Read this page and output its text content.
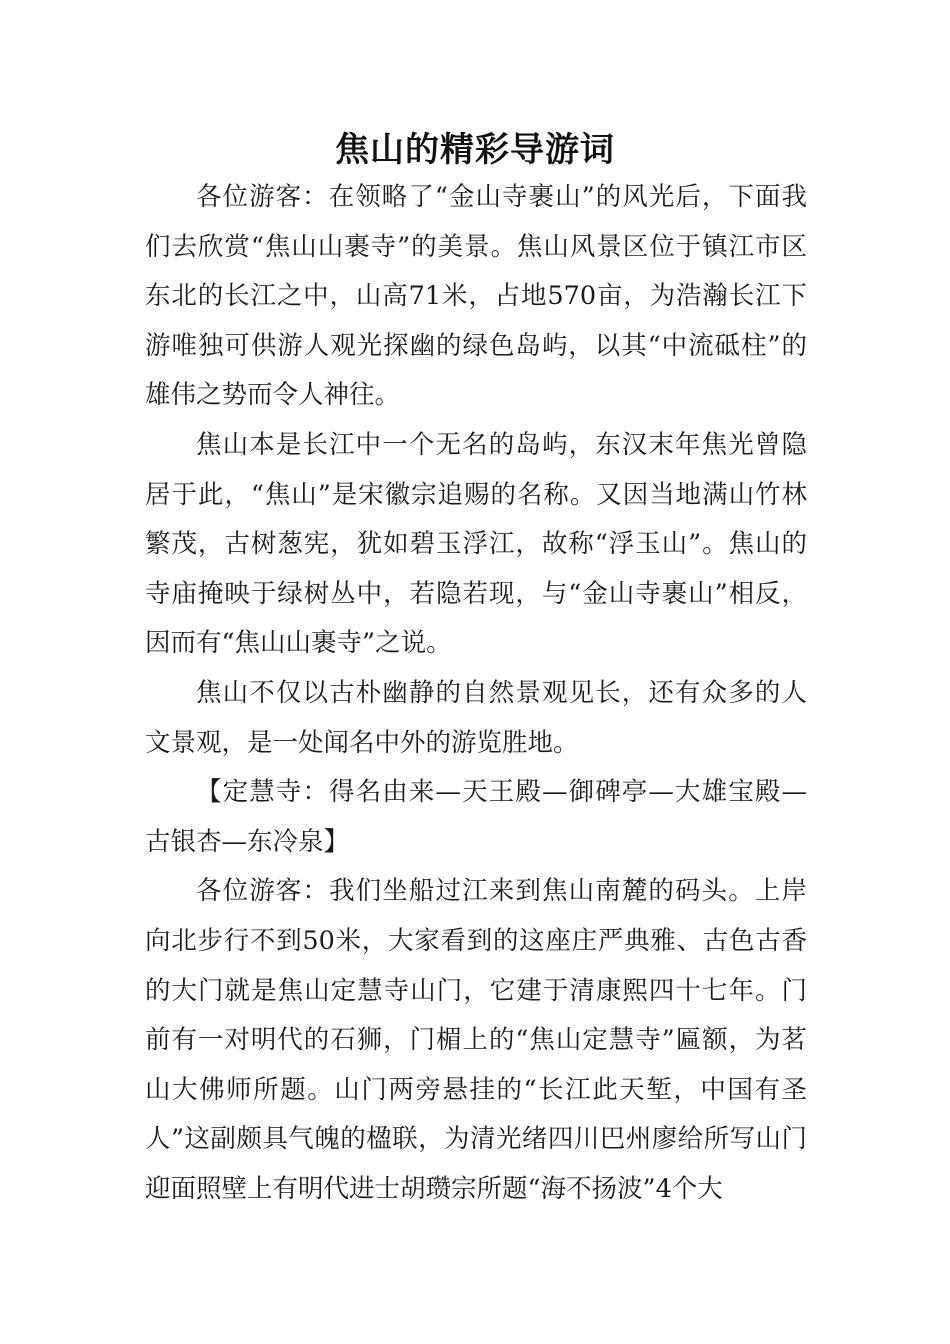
焦山的精彩导游词

各位游客：在领略了“金山寺裹山”的风光后，下面我们去欣赏“焦山山裹寺”的美景。焦山风景区位于镇江市区东北的长江之中，山高71米，占地570亩，为浩瀚长江下游唯独可供游人观光探幽的绿色岛屿，以其“中流砥柱”的雄伟之势而令人神往。

焦山本是长江中一个无名的岛屿，东汉末年焦光曾隐居于此，“焦山”是宋徽宗追赐的名称。又因当地满山竹林繁茂，古树葱宪，犹如碧玉浮江，故称“浮玉山”。焦山的寺庙掩映于绿树丛中，若隐若现，与“金山寺裹山”相反，因而有“焦山山裹寺”之说。

焦山不仅以古朴幽静的自然景观见长，还有众多的人文景观，是一处闻名中外的游览胜地。

【定慧寺：得名由来—天王殿—御碑亭—大雄宝殿—古银杏—东冷泉】

各位游客：我们坐船过江来到焦山南麓的码头。上岸向北步行不到50米，大家看到的这座庄严典雅、古色古香的大门就是焦山定慧寺山门，它建于清康熙四十七年。门前有一对明代的石狮，门楣上的“焦山定慧寺”匾额，为茗山大佛师所题。山门两旁悬挂的“长江此天堑，中国有圣人”这副颇具气魄的楹联，为清光绪四川巴州廖给所写山门迎面照壁上有明代进士胡瓒宗所题“海不扬波”4个大
